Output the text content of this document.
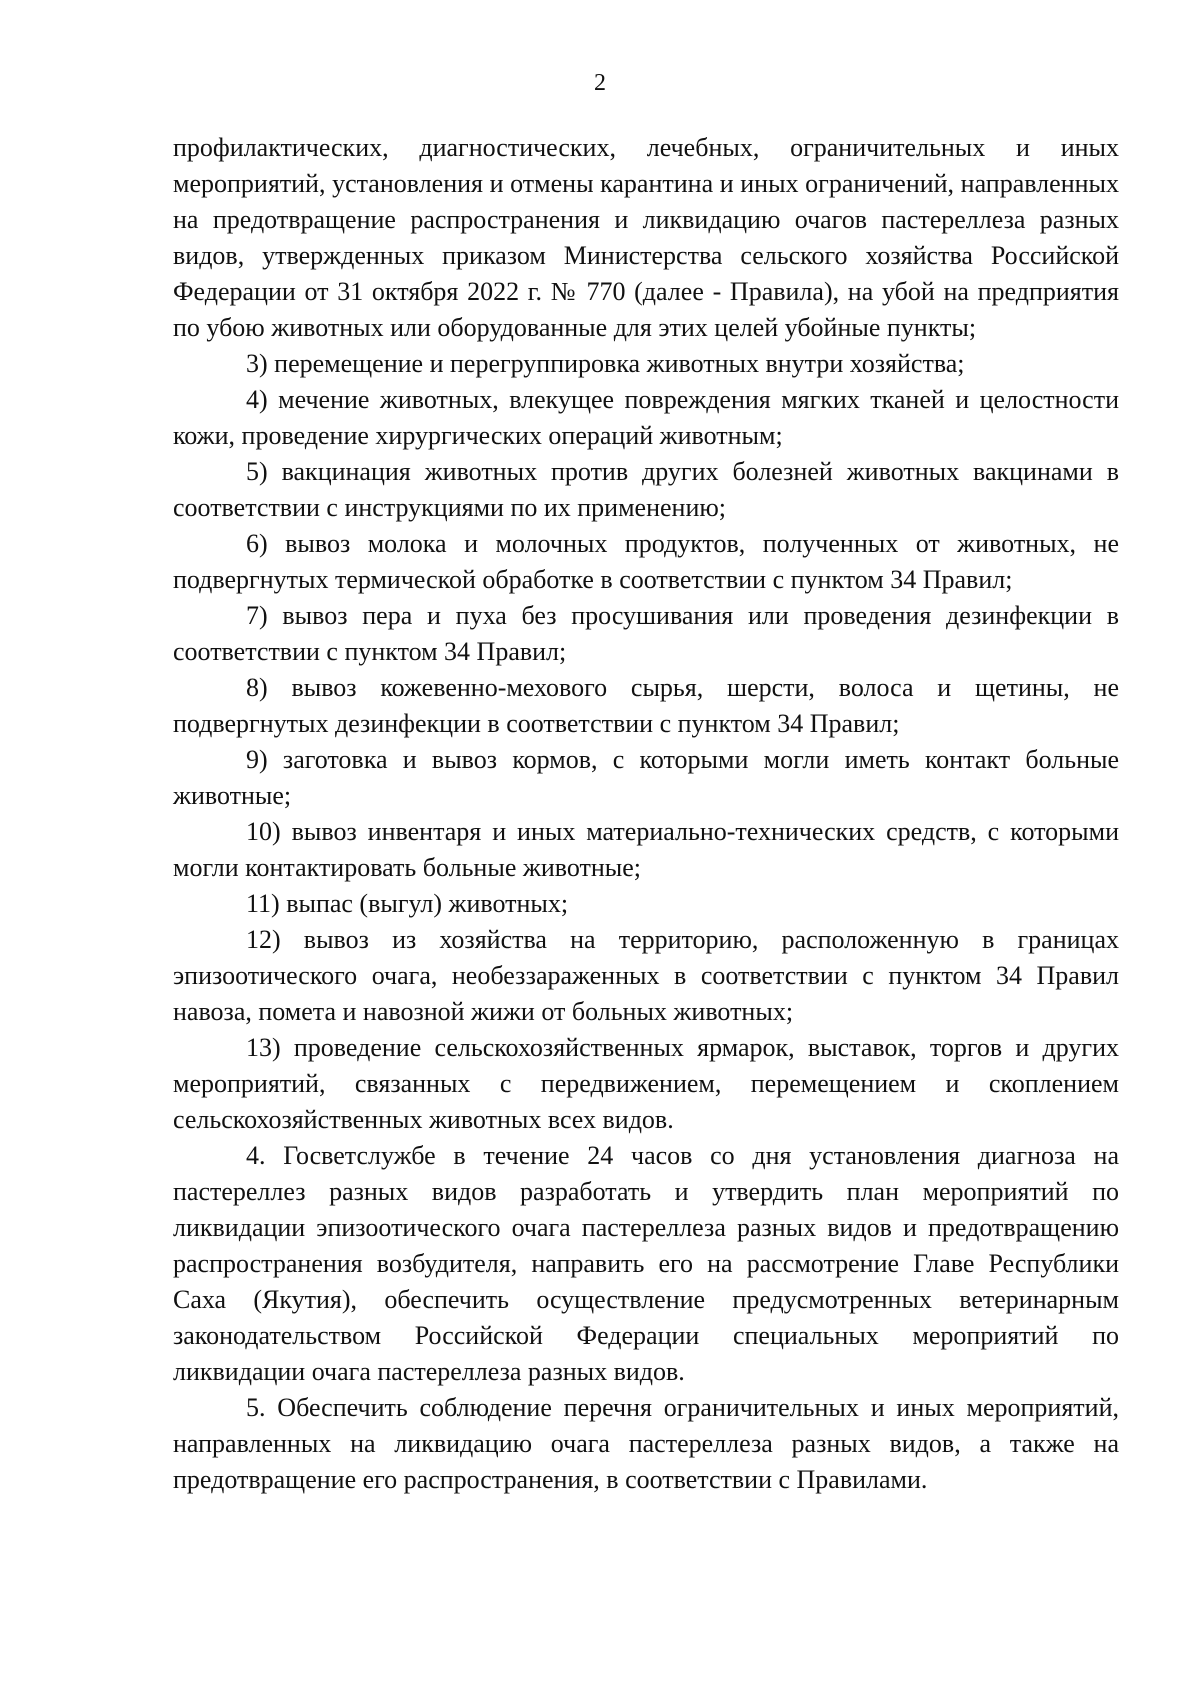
2

профилактических, диагностических, лечебных, ограничительных и иных мероприятий, установления и отмены карантина и иных ограничений, направленных на предотвращение распространения и ликвидацию очагов пастереллеза разных видов, утвержденных приказом Министерства сельского хозяйства Российской Федерации от 31 октября 2022 г. № 770 (далее - Правила), на убой на предприятия по убою животных или оборудованные для этих целей убойные пункты;

3) перемещение и перегруппировка животных внутри хозяйства;

4) мечение животных, влекущее повреждения мягких тканей и целостности кожи, проведение хирургических операций животным;

5) вакцинация животных против других болезней животных вакцинами в соответствии с инструкциями по их применению;

6) вывоз молока и молочных продуктов, полученных от животных, не подвергнутых термической обработке в соответствии с пунктом 34 Правил;

7) вывоз пера и пуха без просушивания или проведения дезинфекции в соответствии с пунктом 34 Правил;

8) вывоз кожевенно-мехового сырья, шерсти, волоса и щетины, не подвергнутых дезинфекции в соответствии с пунктом 34 Правил;

9) заготовка и вывоз кормов, с которыми могли иметь контакт больные животные;

10) вывоз инвентаря и иных материально-технических средств, с которыми могли контактировать больные животные;

11) выпас (выгул) животных;

12) вывоз из хозяйства на территорию, расположенную в границах эпизоотического очага, необеззараженных в соответствии с пунктом 34 Правил навоза, помета и навозной жижи от больных животных;

13) проведение сельскохозяйственных ярмарок, выставок, торгов и других мероприятий, связанных с передвижением, перемещением и скоплением сельскохозяйственных животных всех видов.

4. Госветслужбе в течение 24 часов со дня установления диагноза на пастереллез разных видов разработать и утвердить план мероприятий по ликвидации эпизоотического очага пастереллеза разных видов и предотвращению распространения возбудителя, направить его на рассмотрение Главе Республики Саха (Якутия), обеспечить осуществление предусмотренных ветеринарным законодательством Российской Федерации специальных мероприятий по ликвидации очага пастереллеза разных видов.

5. Обеспечить соблюдение перечня ограничительных и иных мероприятий, направленных на ликвидацию очага пастереллеза разных видов, а также на предотвращение его распространения, в соответствии с Правилами.
